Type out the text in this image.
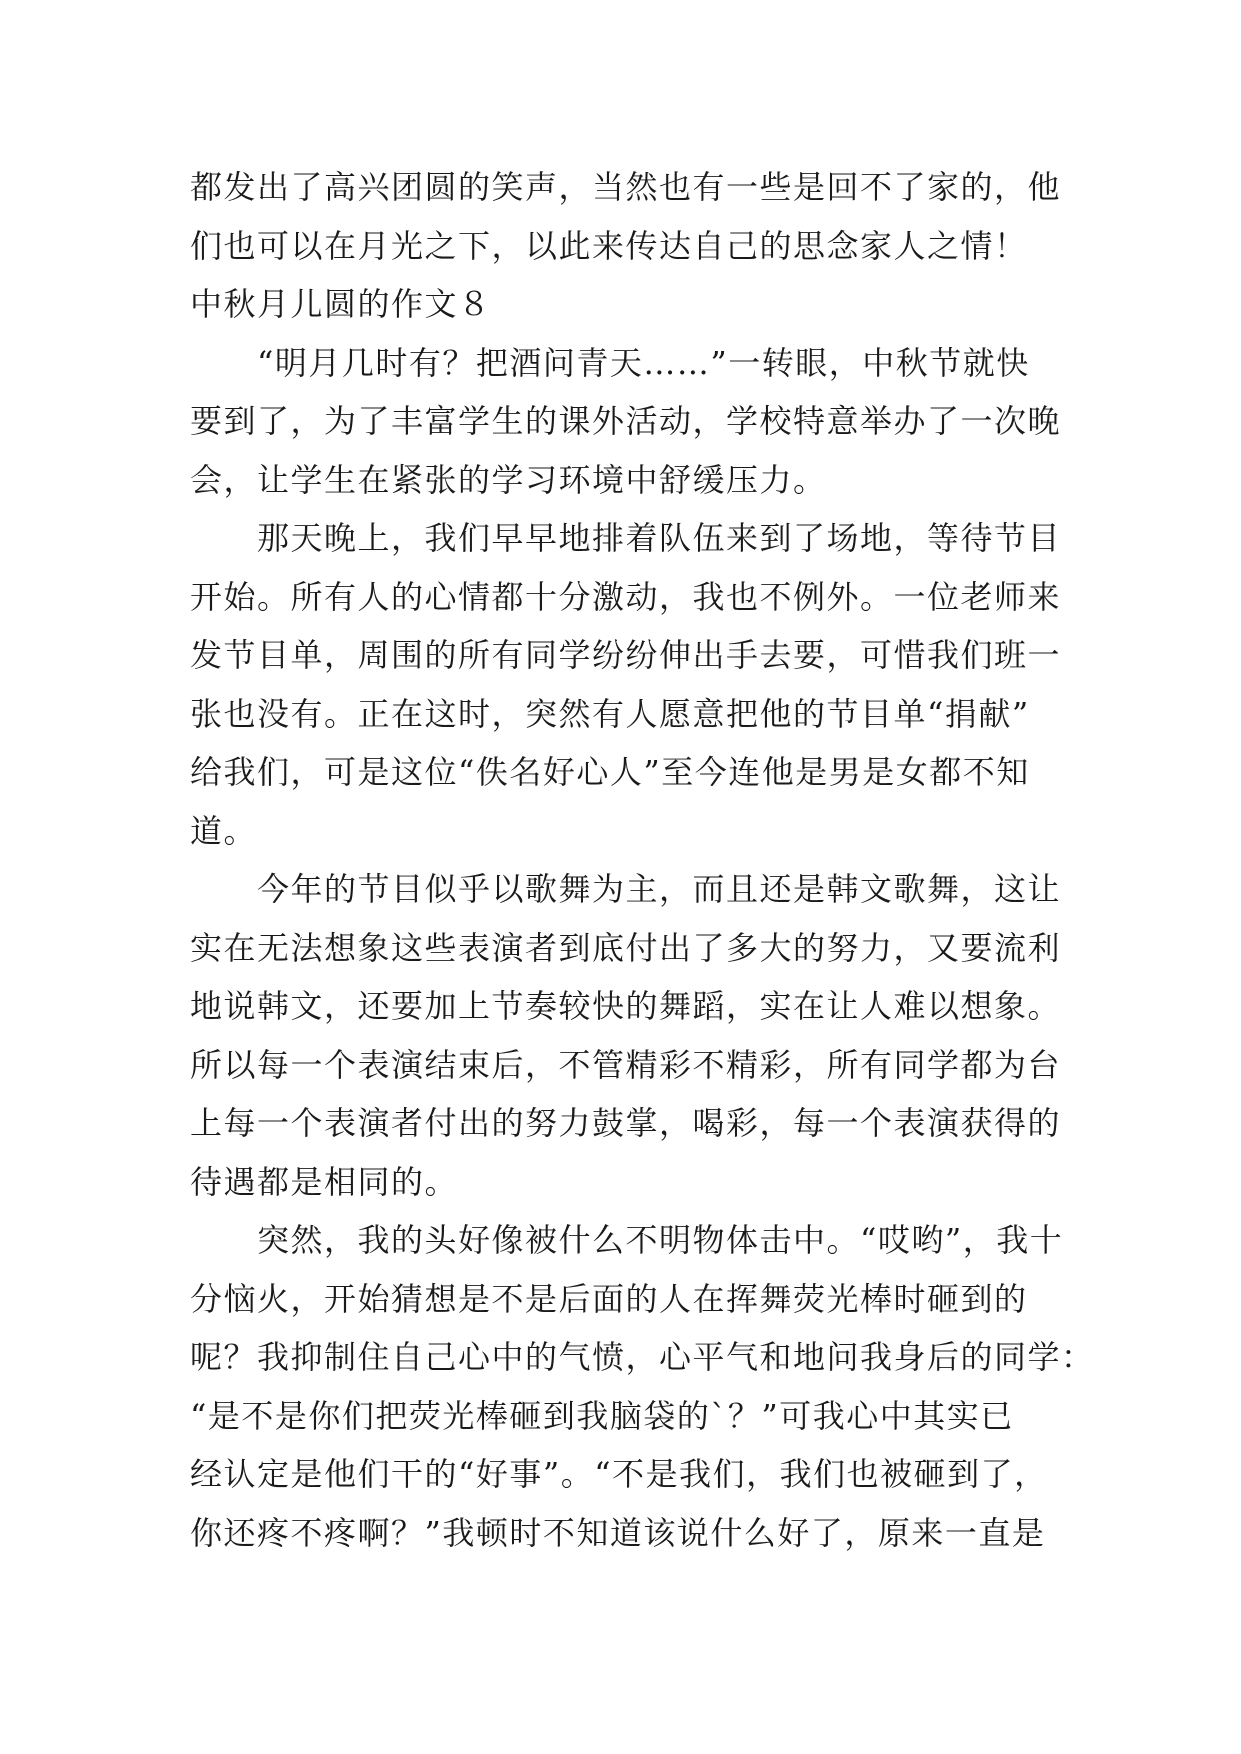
都发出了高兴团圆的笑声，当然也有一些是回不了家的，他
们也可以在月光之下，以此来传达自己的思念家人之情！
中秋月儿圆的作文８
　　“明月几时有？把酒问青天……”一转眼，中秋节就快
要到了，为了丰富学生的课外活动，学校特意举办了一次晚
会，让学生在紧张的学习环境中舒缓压力。
　　那天晚上，我们早早地排着队伍来到了场地，等待节目
开始。所有人的心情都十分激动，我也不例外。一位老师来
发节目单，周围的所有同学纷纷伸出手去要，可惜我们班一
张也没有。正在这时，突然有人愿意把他的节目单“捐献”
给我们，可是这位“佚名好心人”至今连他是男是女都不知
道。
　　今年的节目似乎以歌舞为主，而且还是韩文歌舞，这让
实在无法想象这些表演者到底付出了多大的努力，又要流利
地说韩文，还要加上节奏较快的舞蹈，实在让人难以想象。
所以每一个表演结束后，不管精彩不精彩，所有同学都为台
上每一个表演者付出的努力鼓掌，喝彩，每一个表演获得的
待遇都是相同的。
　　突然，我的头好像被什么不明物体击中。“哎哟”，我十
分恼火，开始猜想是不是后面的人在挥舞荧光棒时砸到的
呢？我抑制住自己心中的气愤，心平气和地问我身后的同学：
“是不是你们把荧光棒砸到我脑袋的`？”可我心中其实已
经认定是他们干的“好事”。“不是我们，我们也被砸到了，
你还疼不疼啊？”我顿时不知道该说什么好了，原来一直是
